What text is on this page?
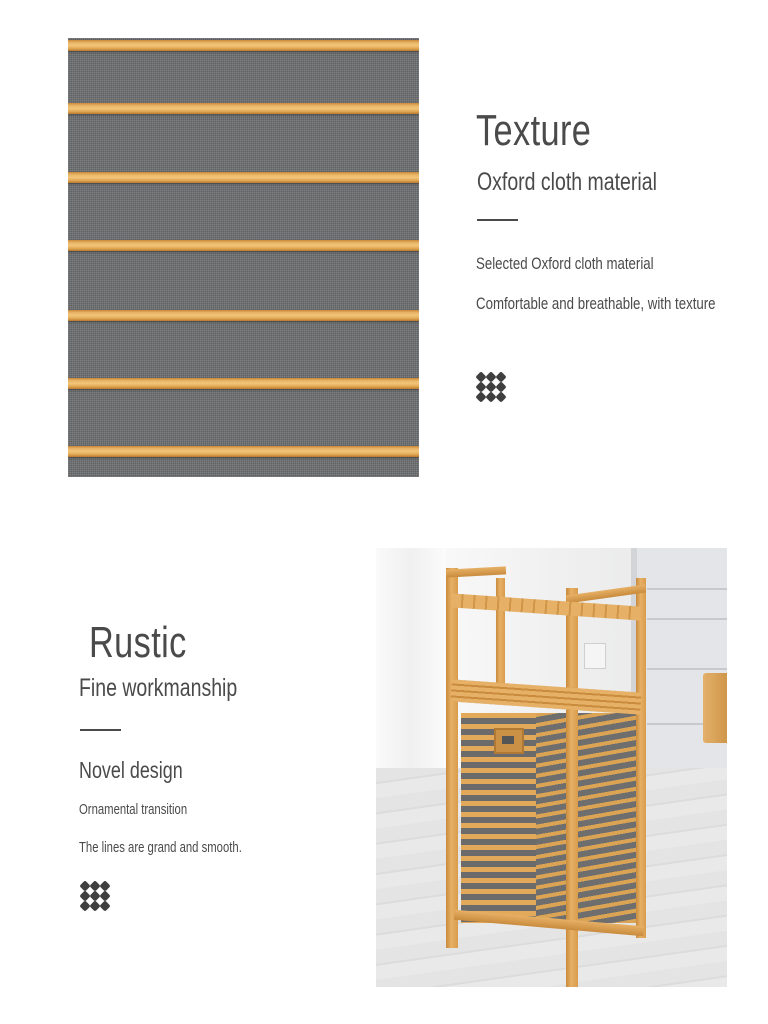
Texture
Oxford cloth material
Selected Oxford cloth material
Comfortable and breathable, with texture
Rustic
Fine workmanship
Novel design
Ornamental transition
The lines are grand and smooth.
